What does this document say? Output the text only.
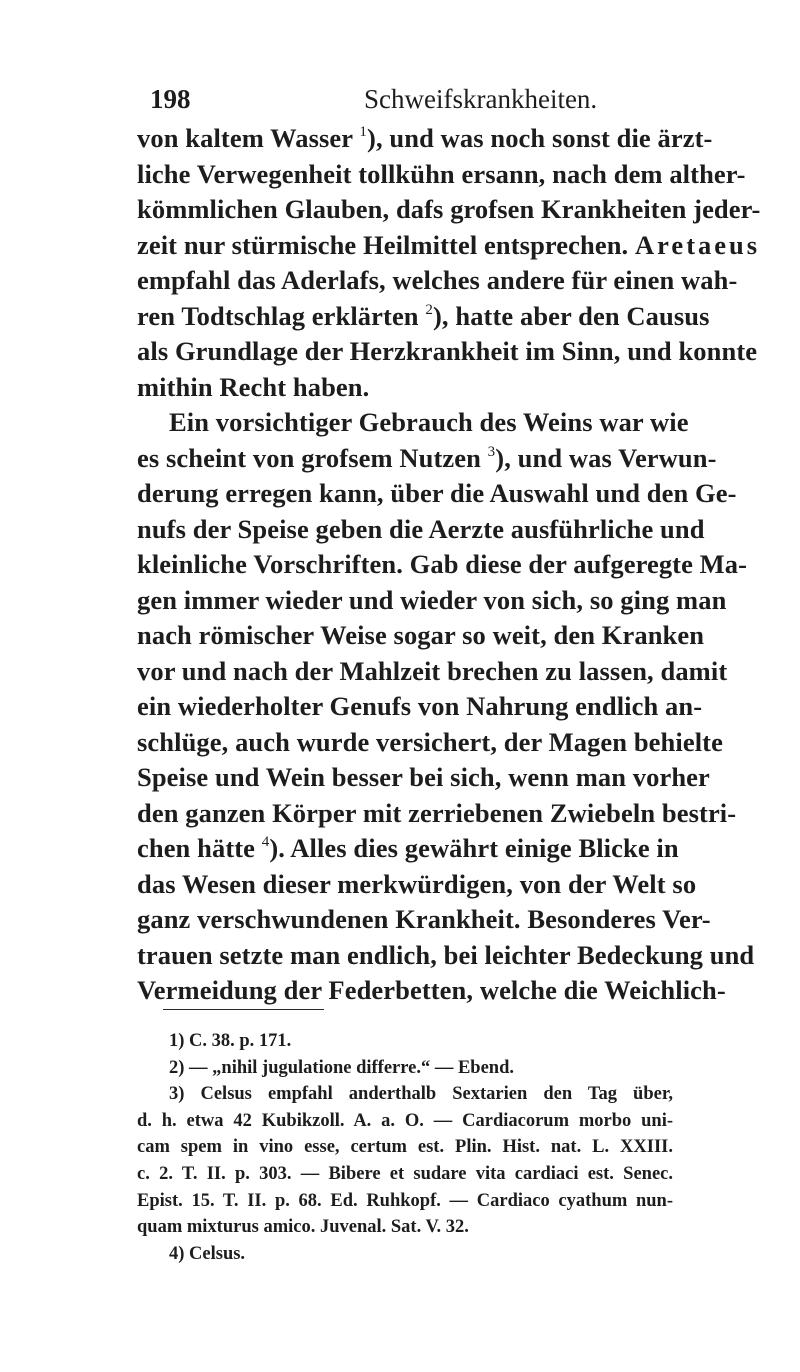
198	Schweifskrankheiten.
von kaltem Wasser $^1$), und was noch sonst die ärzt-
liche Verwegenheit tollkühn ersann, nach dem alther-
kömmlichen Glauben, dafs grofsen Krankheiten jeder-
zeit nur stürmische Heilmittel entsprechen. Aretaeus
empfahl das Aderlafs, welches andere für einen wah-
ren Todtschlag erklärten $^2$), hatte aber den Causus
als Grundlage der Herzkrankheit im Sinn, und konnte
mithin Recht haben.
Ein vorsichtiger Gebrauch des Weins war wie
es scheint von grofsem Nutzen $^3$), und was Verwun-
derung erregen kann, über die Auswahl und den Ge-
nufs der Speise geben die Aerzte ausführliche und
kleinliche Vorschriften. Gab diese der aufgeregte Ma-
gen immer wieder und wieder von sich, so ging man
nach römischer Weise sogar so weit, den Kranken
vor und nach der Mahlzeit brechen zu lassen, damit
ein wiederholter Genufs von Nahrung endlich an-
schlüge, auch wurde versichert, der Magen behielte
Speise und Wein besser bei sich, wenn man vorher
den ganzen Körper mit zerriebenen Zwiebeln bestri-
chen hätte $^4$). Alles dies gewährt einige Blicke in
das Wesen dieser merkwürdigen, von der Welt so
ganz verschwundenen Krankheit. Besonderes Ver-
trauen setzte man endlich, bei leichter Bedeckung und
Vermeidung der Federbetten, welche die Weichlich-
1) C. 38. p. 171.
2) — „nihil jugulatione differre.“ — Ebend.
3) Celsus empfahl anderthalb Sextarien den Tag über,
d. h. etwa 42 Kubikzoll. A. a. O. — Cardiacorum morbo uni-
cam spem in vino esse, certum est. Plin. Hist. nat. L. XXIII.
c. 2. T. II. p. 303. — Bibere et sudare vita cardiaci est. Senec.
Epist. 15. T. II. p. 68. Ed. Ruhkopf. — Cardiaco cyathum nun-
quam mixturus amico. Juvenal. Sat. V. 32.
4) Celsus.
